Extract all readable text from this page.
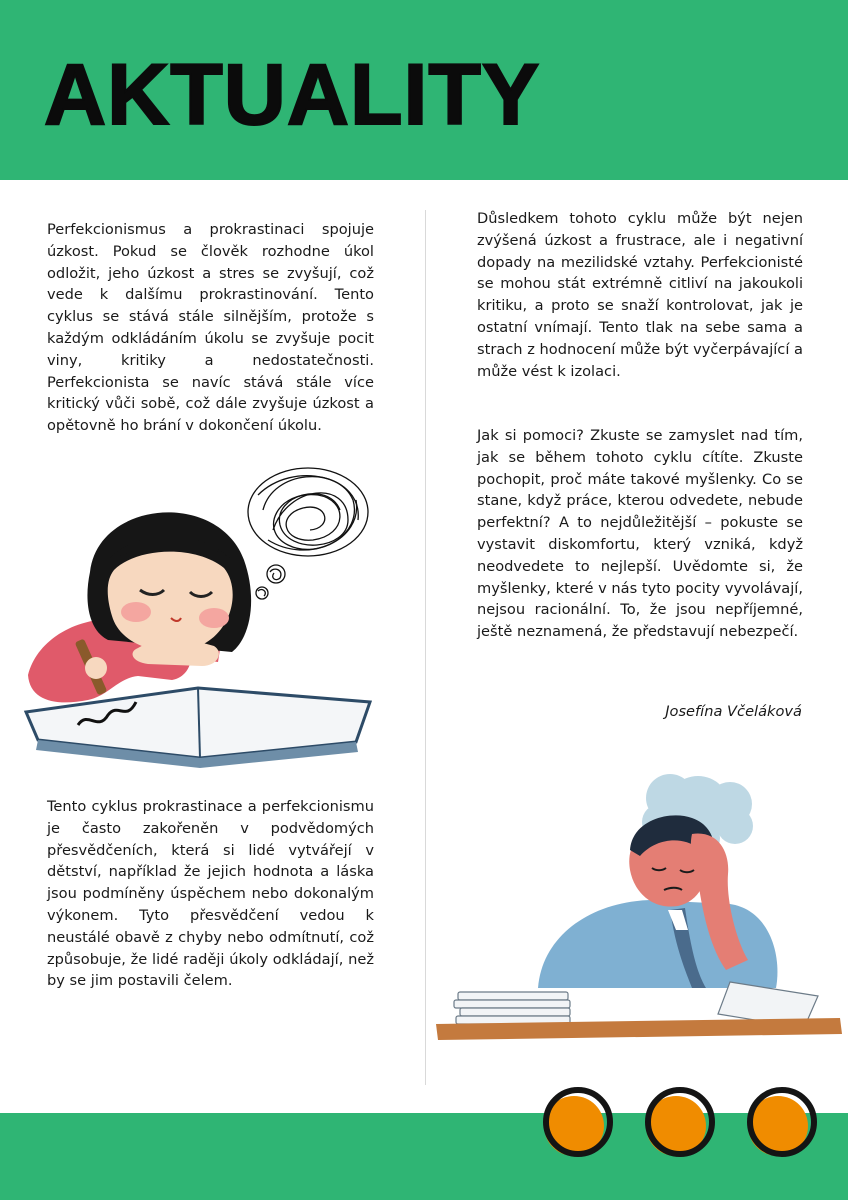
AKTUALITY

Perfekcionismus a prokrastinaci spojuje úzkost. Pokud se člověk rozhodne úkol odložit, jeho úzkost a stres se zvyšují, což vede k dalšímu prokrastinování. Tento cyklus se stává stále silnějším, protože s každým odkládáním úkolu se zvyšuje pocit viny, kritiky a nedostatečnosti. Perfekcionista se navíc stává stále více kritický vůči sobě, což dále zvyšuje úzkost a opětovně ho brání v dokončení úkolu.

Tento cyklus prokrastinace a perfekcionismu je často zakořeněn v podvědomých přesvědčeních, která si lidé vytvářejí v dětství, například že jejich hodnota a láska jsou podmíněny úspěchem nebo dokonalým výkonem. Tyto přesvědčení vedou k neustálé obavě z chyby nebo odmítnutí, což způsobuje, že lidé raději úkoly odkládají, než by se jim postavili čelem.

Důsledkem tohoto cyklu může být nejen zvýšená úzkost a frustrace, ale i negativní dopady na mezilidské vztahy. Perfekcionisté se mohou stát extrémně citliví na jakoukoli kritiku, a proto se snaží kontrolovat, jak je ostatní vnímají. Tento tlak na sebe sama a strach z hodnocení může být vyčerpávající a může vést k izolaci.

Jak si pomoci? Zkuste se zamyslet nad tím, jak se během tohoto cyklu cítíte. Zkuste pochopit, proč máte takové myšlenky. Co se stane, když práce, kterou odvedete, nebude perfektní? A to nejdůležitější – pokuste se vystavit diskomfortu, který vzniká, když neodvedete to nejlepší. Uvědomte si, že myšlenky, které v nás tyto pocity vyvolávají, nejsou racionální. To, že jsou nepříjemné, ještě neznamená, že představují nebezpečí.

Josefína Včeláková
